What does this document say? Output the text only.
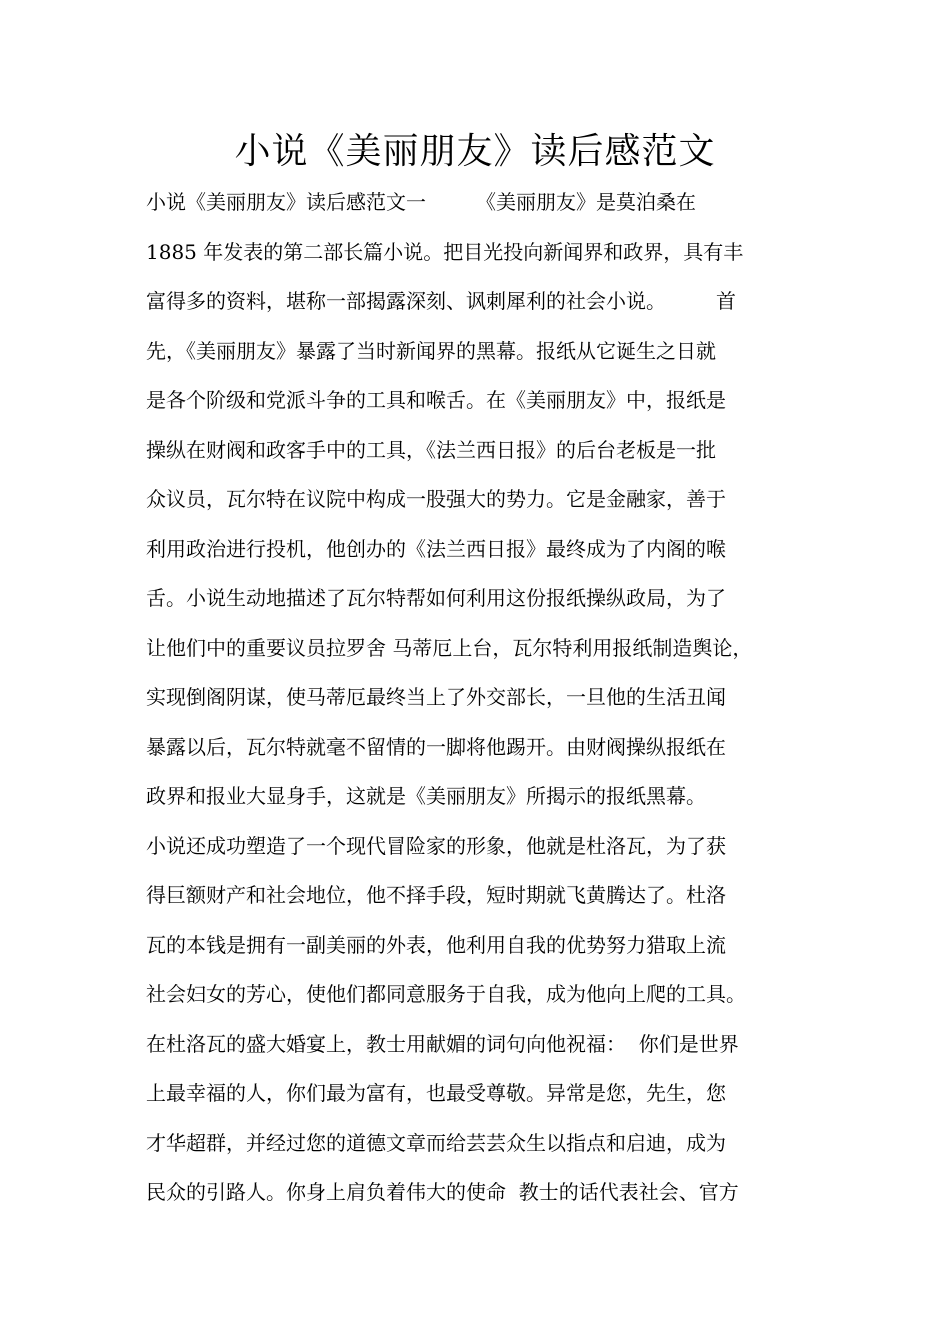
小说《美丽朋友》读后感范文
小说《美丽朋友》读后感范文一　　　《美丽朋友》是莫泊桑在
1885 年发表的第二部长篇小说。把目光投向新闻界和政界，具有丰
富得多的资料，堪称一部揭露深刻、讽刺犀利的社会小说。　　　首
先，《美丽朋友》暴露了当时新闻界的黑幕。报纸从它诞生之日就
是各个阶级和党派斗争的工具和喉舌。在《美丽朋友》中，报纸是
操纵在财阀和政客手中的工具，《法兰西日报》的后台老板是一批
众议员，瓦尔特在议院中构成一股强大的势力。它是金融家，善于
利用政治进行投机，他创办的《法兰西日报》最终成为了内阁的喉
舌。小说生动地描述了瓦尔特帮如何利用这份报纸操纵政局，为了
让他们中的重要议员拉罗舍 马蒂厄上台，瓦尔特利用报纸制造舆论，
实现倒阁阴谋，使马蒂厄最终当上了外交部长，一旦他的生活丑闻
暴露以后，瓦尔特就毫不留情的一脚将他踢开。由财阀操纵报纸在
政界和报业大显身手，这就是《美丽朋友》所揭示的报纸黑幕。
小说还成功塑造了一个现代冒险家的形象，他就是杜洛瓦，为了获
得巨额财产和社会地位，他不择手段，短时期就飞黄腾达了。杜洛
瓦的本钱是拥有一副美丽的外表，他利用自我的优势努力猎取上流
社会妇女的芳心，使他们都同意服务于自我，成为他向上爬的工具。
在杜洛瓦的盛大婚宴上，教士用献媚的词句向他祝福：  你们是世界
上最幸福的人，你们最为富有，也最受尊敬。异常是您，先生，您
才华超群，并经过您的道德文章而给芸芸众生以指点和启迪，成为
民众的引路人。你身上肩负着伟大的使命  教士的话代表社会、官方
